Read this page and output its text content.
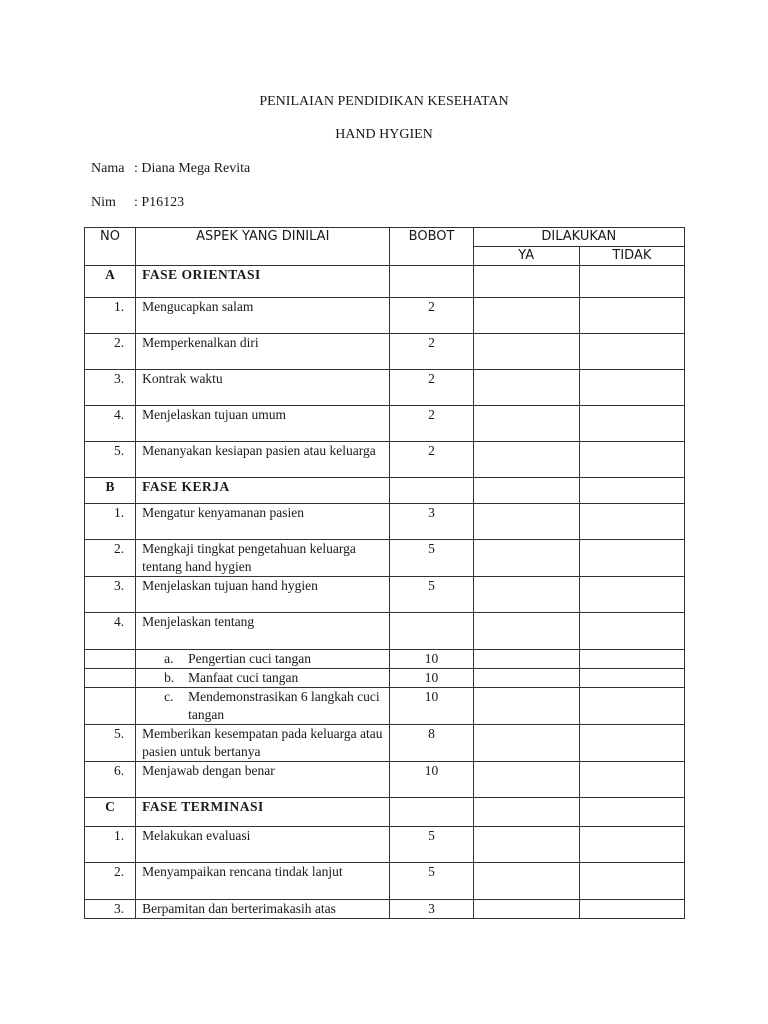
PENILAIAN PENDIDIKAN KESEHATAN
HAND HYGIEN
Nama : Diana Mega Revita
Nim : P16123
NO	ASPEK YANG DINILAI	BOBOT	DILAKUKAN	
			YA	TIDAK
A	FASE ORIENTASI			
1.	Mengucapkan salam	2		
2.	Memperkenalkan diri	2		
3.	Kontrak waktu	2		
4.	Menjelaskan tujuan umum	2		
5.	Menanyakan kesiapan pasien atau keluarga	2		
B	FASE KERJA			
1.	Mengatur kenyamanan pasien	3		
2.	Mengkaji tingkat pengetahuan keluarga tentang hand hygien	5		
3.	Menjelaskan tujuan hand hygien	5		
4.	Menjelaskan tentang			

	a. Pengertian cuci tangan	10		

	b. Manfaat cuci tangan	10		

	c. Mendemonstrasikan 6 langkah cuci tangan	10		
5.	Memberikan kesempatan pada keluarga atau pasien untuk bertanya	8		
6.	Menjawab dengan benar	10		
C	FASE TERMINASI			
1.	Melakukan evaluasi	5		
2.	Menyampaikan rencana tindak lanjut	5		
3.	Berpamitan dan berterimakasih atas	3		
